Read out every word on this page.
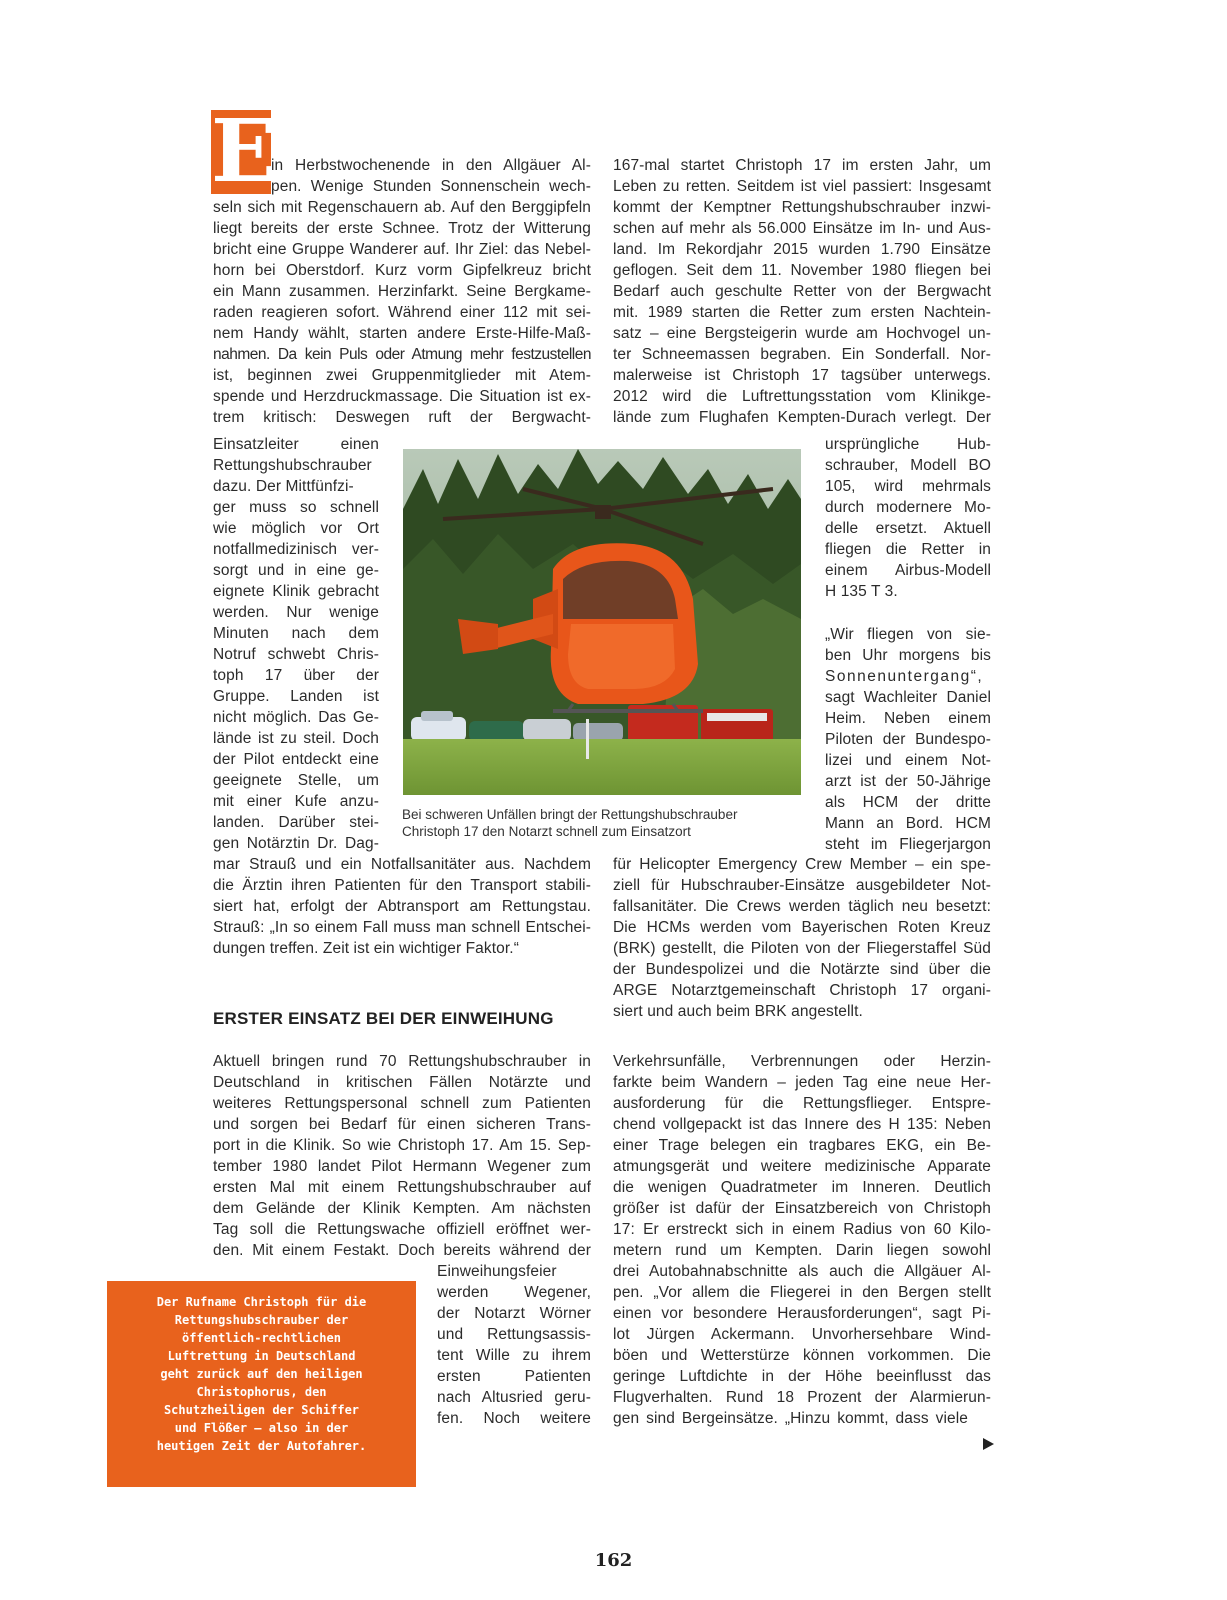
E
in Herbstwochenende in den Allgäuer Al-
pen. Wenige Stunden Sonnenschein wech-
seln sich mit Regenschauern ab. Auf den Berggipfeln
liegt bereits der erste Schnee. Trotz der Witterung
bricht eine Gruppe Wanderer auf. Ihr Ziel: das Nebel-
horn bei Oberstdorf. Kurz vorm Gipfelkreuz bricht
ein Mann zusammen. Herzinfarkt. Seine Bergkame-
raden reagieren sofort. Während einer 112 mit sei-
nem Handy wählt, starten andere Erste-Hilfe-Maß-
nahmen. Da kein Puls oder Atmung mehr festzustellen
ist, beginnen zwei Gruppenmitglieder mit Atem-
spende und Herzdruckmassage. Die Situation ist ex-
trem kritisch: Deswegen ruft der Bergwacht-
Einsatzleiter einen
Rettungshubschrauber
dazu. Der Mittfünfzi-
ger muss so schnell
wie möglich vor Ort
notfallmedizinisch ver-
sorgt und in eine ge-
eignete Klinik gebracht
werden. Nur wenige
Minuten nach dem
Notruf schwebt Chris-
toph 17 über der
Gruppe. Landen ist
nicht möglich. Das Ge-
lände ist zu steil. Doch
der Pilot entdeckt eine
geeignete Stelle, um
mit einer Kufe anzu-
landen. Darüber stei-
gen Notärztin Dr. Dag-
mar Strauß und ein Notfallsanitäter aus. Nachdem
die Ärztin ihren Patienten für den Transport stabili-
siert hat, erfolgt der Abtransport am Rettungstau.
Strauß: „In so einem Fall muss man schnell Entschei-
dungen treffen. Zeit ist ein wichtiger Faktor.“
ERSTER EINSATZ BEI DER EINWEIHUNG
Aktuell bringen rund 70 Rettungshubschrauber in
Deutschland in kritischen Fällen Notärzte und
weiteres Rettungspersonal schnell zum Patienten
und sorgen bei Bedarf für einen sicheren Trans-
port in die Klinik. So wie Christoph 17. Am 15. Sep-
tember 1980 landet Pilot Hermann Wegener zum
ersten Mal mit einem Rettungshubschrauber auf
dem Gelände der Klinik Kempten. Am nächsten
Tag soll die Rettungswache offiziell eröffnet wer-
den. Mit einem Festakt. Doch bereits während der
Einweihungsfeier
werden Wegener,
der Notarzt Wörner
und Rettungsassis-
tent Wille zu ihrem
ersten Patienten
nach Altusried geru-
fen. Noch weitere
167-mal startet Christoph 17 im ersten Jahr, um
Leben zu retten. Seitdem ist viel passiert: Insgesamt
kommt der Kemptner Rettungshubschrauber inzwi-
schen auf mehr als 56.000 Einsätze im In- und Aus-
land. Im Rekordjahr 2015 wurden 1.790 Einsätze
geflogen. Seit dem 11. November 1980 fliegen bei
Bedarf auch geschulte Retter von der Bergwacht
mit. 1989 starten die Retter zum ersten Nachtein-
satz – eine Bergsteigerin wurde am Hochvogel un-
ter Schneemassen begraben. Ein Sonderfall. Nor-
malerweise ist Christoph 17 tagsüber unterwegs.
2012 wird die Luftrettungsstation vom Klinikge-
lände zum Flughafen Kempten-Durach verlegt. Der
ursprüngliche Hub-
schrauber, Modell BO
105, wird mehrmals
durch modernere Mo-
delle ersetzt. Aktuell
fliegen die Retter in
einem Airbus-Modell
H 135 T 3.
„Wir fliegen von sie-
ben Uhr morgens bis
Sonnenuntergang“,
sagt Wachleiter Daniel
Heim. Neben einem
Piloten der Bundespo-
lizei und einem Not-
arzt ist der 50-Jährige
als HCM der dritte
Mann an Bord. HCM
steht im Fliegerjargon
für Helicopter Emergency Crew Member – ein spe-
ziell für Hubschrauber-Einsätze ausgebildeter Not-
fallsanitäter. Die Crews werden täglich neu besetzt:
Die HCMs werden vom Bayerischen Roten Kreuz
(BRK) gestellt, die Piloten von der Fliegerstaffel Süd
der Bundespolizei und die Notärzte sind über die
ARGE Notarztgemeinschaft Christoph 17 organi-
siert und auch beim BRK angestellt.
Verkehrsunfälle, Verbrennungen oder Herzin-
farkte beim Wandern – jeden Tag eine neue Her-
ausforderung für die Rettungsflieger. Entspre-
chend vollgepackt ist das Innere des H 135: Neben
einer Trage belegen ein tragbares EKG, ein Be-
atmungsgerät und weitere medizinische Apparate
die wenigen Quadratmeter im Inneren. Deutlich
größer ist dafür der Einsatzbereich von Christoph
17: Er erstreckt sich in einem Radius von 60 Kilo-
metern rund um Kempten. Darin liegen sowohl
drei Autobahnabschnitte als auch die Allgäuer Al-
pen. „Vor allem die Fliegerei in den Bergen stellt
einen vor besondere Herausforderungen“, sagt Pi-
lot Jürgen Ackermann. Unvorhersehbare Wind-
böen und Wetterstürze können vorkommen. Die
geringe Luftdichte in der Höhe beeinflusst das
Flugverhalten. Rund 18 Prozent der Alarmierun-
gen sind Bergeinsätze. „Hinzu kommt, dass viele
Bei schweren Unfällen bringt der Rettungshubschrauber
Christoph 17 den Notarzt schnell zum Einsatzort
Der Rufname Christoph für die
Rettungshubschrauber der
öffentlich-rechtlichen
Luftrettung in Deutschland
geht zurück auf den heiligen
Christophorus, den
Schutzheiligen der Schiffer
und Flößer – also in der
heutigen Zeit der Autofahrer.
162
